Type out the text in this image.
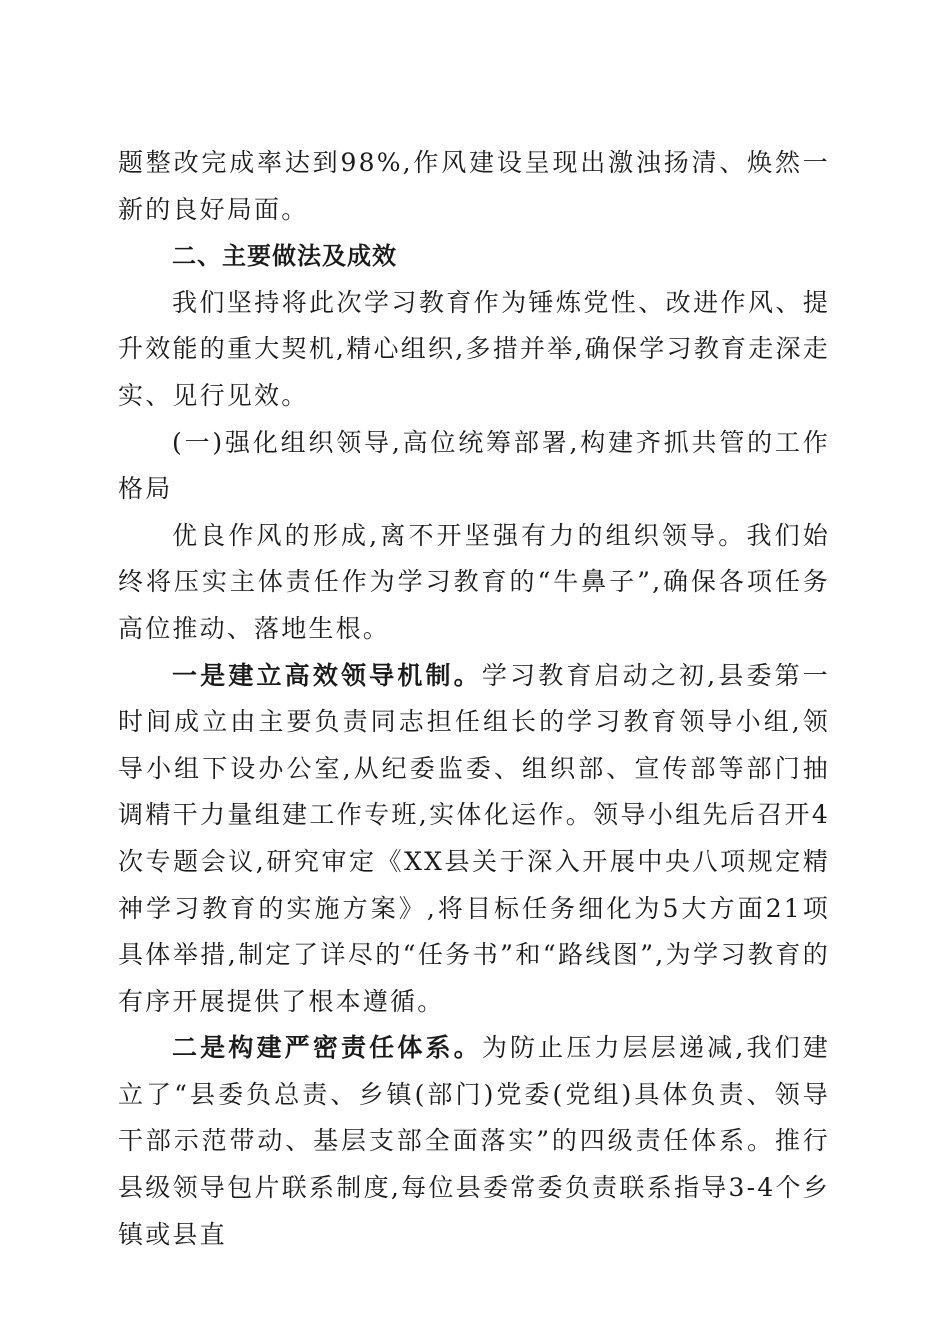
题整改完成率达到98%,作风建设呈现出激浊扬清、焕然一新的良好局面。

二、主要做法及成效

我们坚持将此次学习教育作为锤炼党性、改进作风、提升效能的重大契机,精心组织,多措并举,确保学习教育走深走实、见行见效。

(一)强化组织领导,高位统筹部署,构建齐抓共管的工作格局

优良作风的形成,离不开坚强有力的组织领导。我们始终将压实主体责任作为学习教育的“牛鼻子”,确保各项任务高位推动、落地生根。

一是建立高效领导机制。学习教育启动之初,县委第一时间成立由主要负责同志担任组长的学习教育领导小组,领导小组下设办公室,从纪委监委、组织部、宣传部等部门抽调精干力量组建工作专班,实体化运作。领导小组先后召开4次专题会议,研究审定《XX县关于深入开展中央八项规定精神学习教育的实施方案》,将目标任务细化为5大方面21项具体举措,制定了详尽的“任务书”和“路线图”,为学习教育的有序开展提供了根本遵循。

二是构建严密责任体系。为防止压力层层递减,我们建立了“县委负总责、乡镇(部门)党委(党组)具体负责、领导干部示范带动、基层支部全面落实”的四级责任体系。推行县级领导包片联系制度,每位县委常委负责联系指导3-4个乡镇或县直
